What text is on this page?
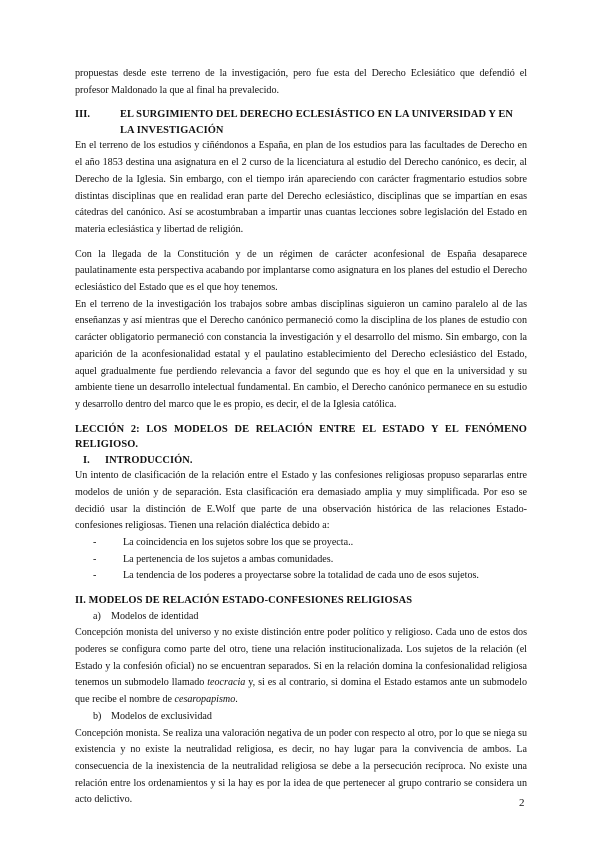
propuestas desde este terreno de la investigación, pero fue esta del Derecho Eclesiático que defendió el profesor Maldonado la que al final ha prevalecido.

III.	EL SURGIMIENTO DEL DERECHO ECLESIÁSTICO EN LA UNIVERSIDAD Y EN LA INVESTIGACIÓN

En el terreno de los estudios y ciñéndonos a España, en plan de los estudios para las facultades de Derecho en el año 1853 destina una asignatura en el 2 curso de la licenciatura al estudio del Derecho canónico, es decir, al Derecho de la Iglesia. Sin embargo, con el tiempo irán apareciendo con carácter fragmentario estudios sobre distintas disciplinas que en realidad eran parte del Derecho eclesiástico, disciplinas que se impartían en esas cátedras del canónico. Así se acostumbraban a impartir unas cuantas lecciones sobre legislación del Estado en materia eclesiástica y libertad de religión.

Con la llegada de la Constitución y de un régimen de carácter aconfesional de España desaparece paulatinamente esta perspectiva acabando por implantarse como asignatura en los planes del estudio el Derecho eclesiástico del Estado que es el que hoy tenemos.

En el terreno de la investigación los trabajos sobre ambas disciplinas siguieron un camino paralelo al de las enseñanzas y así mientras que el Derecho canónico permaneció como la disciplina de los planes de estudio con carácter obligatorio permaneció con constancia la investigación y el desarrollo del mismo. Sin embargo, con la aparición de la aconfesionalidad estatal y el paulatino establecimiento del Derecho eclesiástico del Estado, aquel gradualmente fue perdiendo relevancia a favor del segundo que es hoy el que en la universidad y su ambiente tiene un desarrollo intelectual fundamental. En cambio, el Derecho canónico permanece en su estudio y desarrollo dentro del marco que le es propio, es decir, el de la Iglesia católica.

LECCIÓN 2: LOS MODELOS DE RELACIÓN ENTRE EL ESTADO Y EL FENÓMENO RELIGIOSO.
I.	INTRODUCCIÓN.

Un intento de clasificación de la relación entre el Estado y las confesiones religiosas propuso separarlas entre modelos de unión y de separación. Esta clasificación era demasiado amplia y muy simplificada. Por eso se decidió usar la distinción de E.Wolf que parte de una observación histórica de las relaciones Estado-confesiones religiosas. Tienen una relación dialéctica debido a:

-	La coincidencia en los sujetos sobre los que se proyecta..
-	La pertenencia de los sujetos a ambas comunidades.
-	La tendencia de los poderes a proyectarse sobre la totalidad de cada uno de esos sujetos.
II. MODELOS DE RELACIÓN ESTADO-CONFESIONES RELIGIOSAS
a)	Modelos de identidad

Concepción monista del universo y no existe distinción entre poder político y religioso. Cada uno de estos dos poderes se configura como parte del otro, tiene una relación institucionalizada. Los sujetos de la relación (el Estado y la confesión oficial) no se encuentran separados. Si en la relación domina la confesionalidad religiosa tenemos un submodelo llamado teocracia y, si es al contrario, si domina el Estado estamos ante un submodelo que recibe el nombre de cesaropapismo.

b) Modelos de exclusividad

Concepción monista. Se realiza una valoración negativa de un poder con respecto al otro, por lo que se niega su existencia y no existe la neutralidad religiosa, es decir, no hay lugar para la convivencia de ambos. La consecuencia de la inexistencia de la neutralidad religiosa se debe a la persecución recíproca. No existe una relación entre los ordenamientos y si la hay es por la idea de que pertenecer al grupo contrario se considera un acto delictivo.	2
